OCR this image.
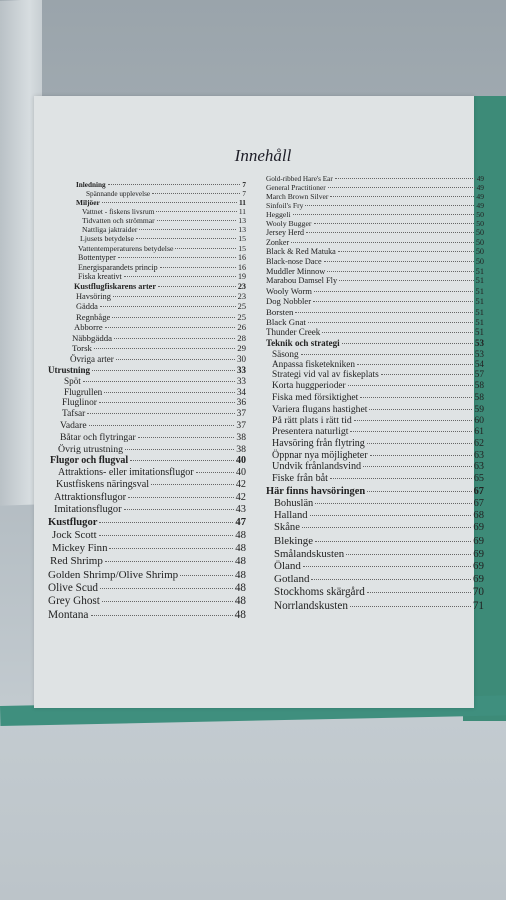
Innehåll
Inledning	7
Spännande upplevelse	7
Miljöer	11
Vattnet - fiskens livsrum	11
Tidvatten och strömmar	13
Nattliga jaktraider	13
Ljusets betydelse	15
Vattentemperaturens betydelse	15
Bottentyper	16
Energisparandets princip	16
Fiska kreativt	19
Kustflugfiskarens arter	23
Havsöring	23
Gädda	25
Regnbåge	25
Abborre	26
Näbbgädda	28
Torsk	29
Övriga arter	30
Utrustning	33
Spöt	33
Flugrullen	34
Fluglinor	36
Tafsar	37
Vadare	37
Båtar och flytringar	38
Övrig utrustning	38
Flugor och flugval	40
Attraktions- eller imitationsflugor	40
Kustfiskens näringsval	42
Attraktionsflugor	42
Imitationsflugor	43
Kustflugor	47
Jock Scott	48
Mickey Finn	48
Red Shrimp	48
Golden Shrimp/Olive Shrimp	48
Olive Scud	48
Grey Ghost	48
Montana	48
Gold-ribbed Hare's Ear	49
General Practitioner	49
March Brown Silver	49
Sinfoil's Fry	49
Heggeli	50
Wooly Bugger	50
Jersey Herd	50
Zonker	50
Black & Red Matuka	50
Black-nose Dace	50
Muddler Minnow	51
Marabou Damsel Fly	51
Wooly Worm	51
Dog Nobbler	51
Borsten	51
Black Gnat	51
Thunder Creek	51
Teknik och strategi	53
Säsong	53
Anpassa fisketekniken	54
Strategi vid val av fiskeplats	57
Korta huggperioder	58
Fiska med försiktighet	58
Variera flugans hastighet	59
På rätt plats i rätt tid	60
Presentera naturligt	61
Havsöring från flytring	62
Öppnar nya möjligheter	63
Undvik frånlandsvind	63
Fiske från båt	65
Här finns havsöringen	67
Bohuslän	67
Halland	68
Skåne	69
Blekinge	69
Smålandskusten	69
Öland	69
Gotland	69
Stockhoms skärgård	70
Norrlandskusten	71
